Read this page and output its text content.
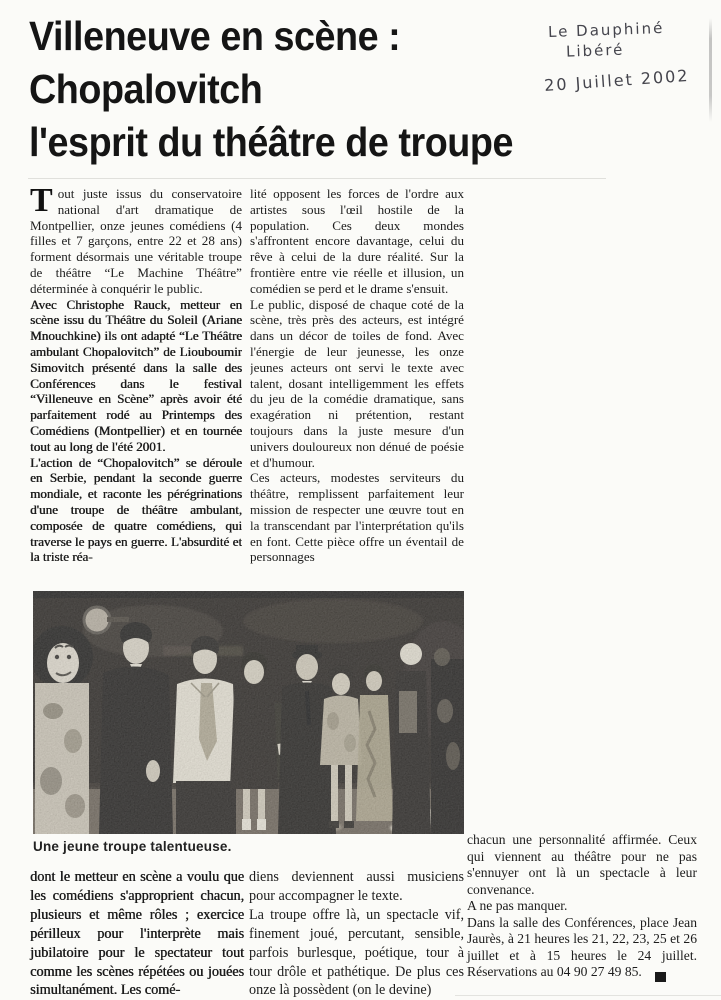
Le Dauphiné
Libéré
20 Juillet 2002
Villeneuve en scène :
Chopalovitch
l'esprit du théâtre de troupe

Tout juste issus du conservatoire national d'art dramatique de Montpellier, onze jeunes comédiens (4 filles et 7 garçons, entre 22 et 28 ans) forment désormais une véritable troupe de théâtre “Le Machine Théâtre” déterminée à conquérir le public.

Avec Christophe Rauck, metteur en scène issu du Théâtre du Soleil (Ariane Mnouchkine) ils ont adapté “Le Théâtre ambulant Chopalovitch” de Liouboumir Simovitch présenté dans la salle des Conférences dans le festival “Villeneuve en Scène” après avoir été parfaitement rodé au Printemps des Comédiens (Montpellier) et en tournée tout au long de l'été 2001.

L'action de “Chopalovitch” se déroule en Serbie, pendant la seconde guerre mondiale, et raconte les pérégrinations d'une troupe de théâtre ambulant, composée de quatre comédiens, qui traverse le pays en guerre. L'absurdité et la triste réa-

lité opposent les forces de l'ordre aux artistes sous l'œil hostile de la population. Ces deux mondes s'affrontent encore davantage, celui du rêve à celui de la dure réalité. Sur la frontière entre vie réelle et illusion, un comédien se perd et le drame s'ensuit.

Le public, disposé de chaque coté de la scène, très près des acteurs, est intégré dans un décor de toiles de fond. Avec l'énergie de leur jeunesse, les onze jeunes acteurs ont servi le texte avec talent, dosant intelligemment les effets du jeu de la comédie dramatique, sans exagération ni prétention, restant toujours dans la juste mesure d'un univers douloureux non dénué de poésie et d'humour.

Ces acteurs, modestes serviteurs du théâtre, remplissent parfaitement leur mission de respecter une œuvre tout en la transcendant par l'interprétation qu'ils en font. Cette pièce offre un éventail de personnages

Une jeune troupe talentueuse.

dont le metteur en scène a voulu que les comédiens s'approprient chacun, plusieurs et même rôles ; exercice périlleux pour l'interprète mais jubilatoire pour le spectateur tout comme les scènes répétées ou jouées simultanément. Les comé-

diens deviennent aussi musiciens pour accompagner le texte.

La troupe offre là, un spectacle vif, finement joué, percutant, sensible, parfois burlesque, poétique, tour à tour drôle et pathétique. De plus ces onze là possèdent (on le devine)

chacun une personnalité affirmée. Ceux qui viennent au théâtre pour ne pas s'ennuyer ont là un spectacle à leur convenance.

A ne pas manquer.

Dans la salle des Conférences, place Jean Jaurès, à 21 heures les 21, 22, 23, 25 et 26 juillet et à 15 heures le 24 juillet. Réservations au 04 90 27 49 85.
